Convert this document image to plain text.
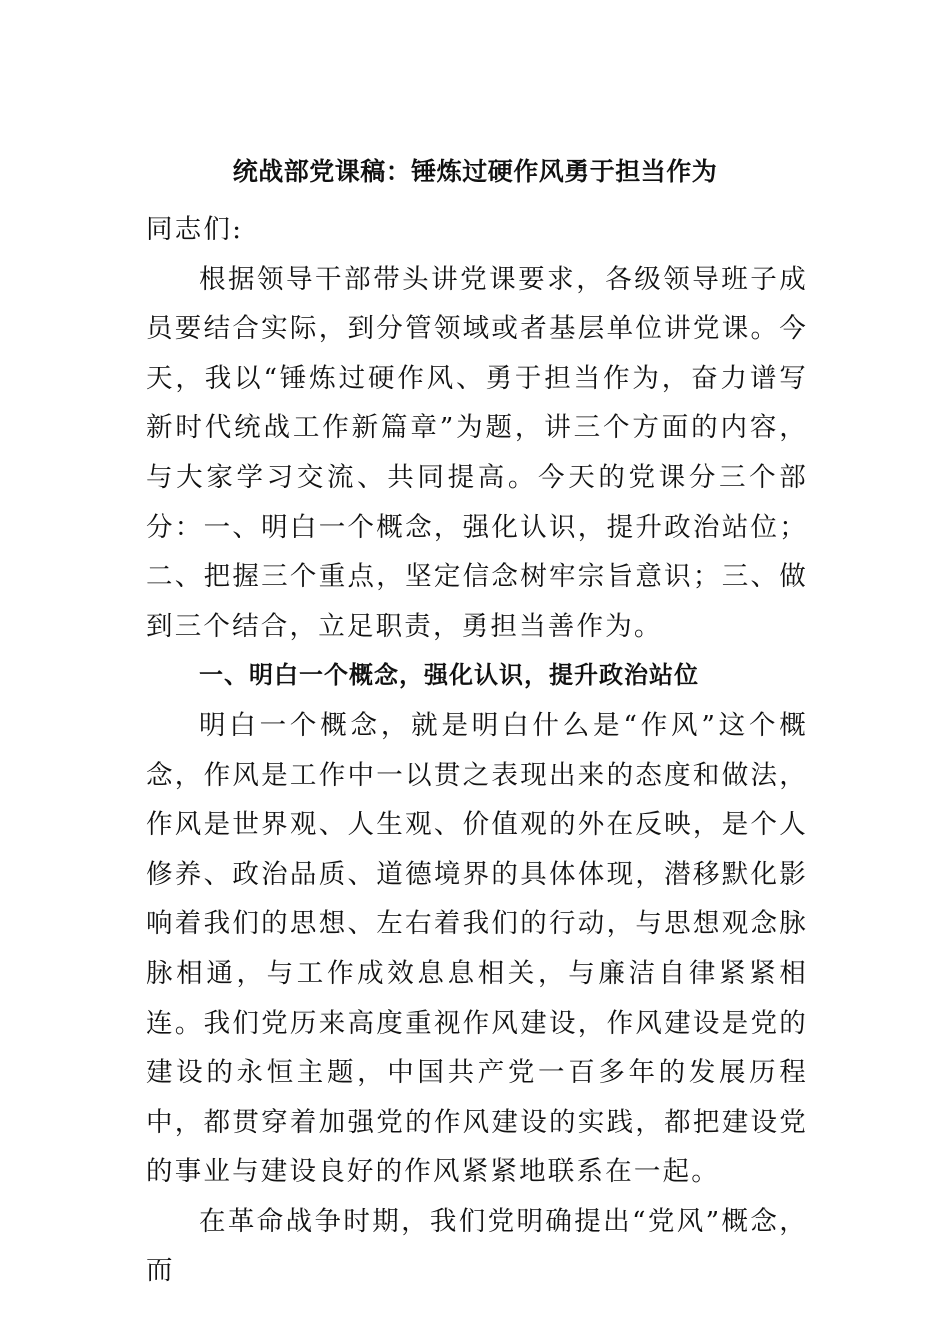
统战部党课稿：锤炼过硬作风勇于担当作为

同志们:

根据领导干部带头讲党课要求，各级领导班子成员要结合实际，到分管领域或者基层单位讲党课。今天，我以“锤炼过硬作风、勇于担当作为，奋力谱写新时代统战工作新篇章”为题，讲三个方面的内容，与大家学习交流、共同提高。今天的党课分三个部分：一、明白一个概念，强化认识，提升政治站位；二、把握三个重点，坚定信念树牢宗旨意识；三、做到三个结合，立足职责，勇担当善作为。

一、明白一个概念，强化认识，提升政治站位

明白一个概念，就是明白什么是“作风”这个概念，作风是工作中一以贯之表现出来的态度和做法，作风是世界观、人生观、价值观的外在反映，是个人修养、政治品质、道德境界的具体体现，潜移默化影响着我们的思想、左右着我们的行动，与思想观念脉脉相通，与工作成效息息相关，与廉洁自律紧紧相连。我们党历来高度重视作风建设，作风建设是党的建设的永恒主题，中国共产党一百多年的发展历程中，都贯穿着加强党的作风建设的实践，都把建设党的事业与建设良好的作风紧紧地联系在一起。

在革命战争时期，我们党明确提出“党风”概念，而
